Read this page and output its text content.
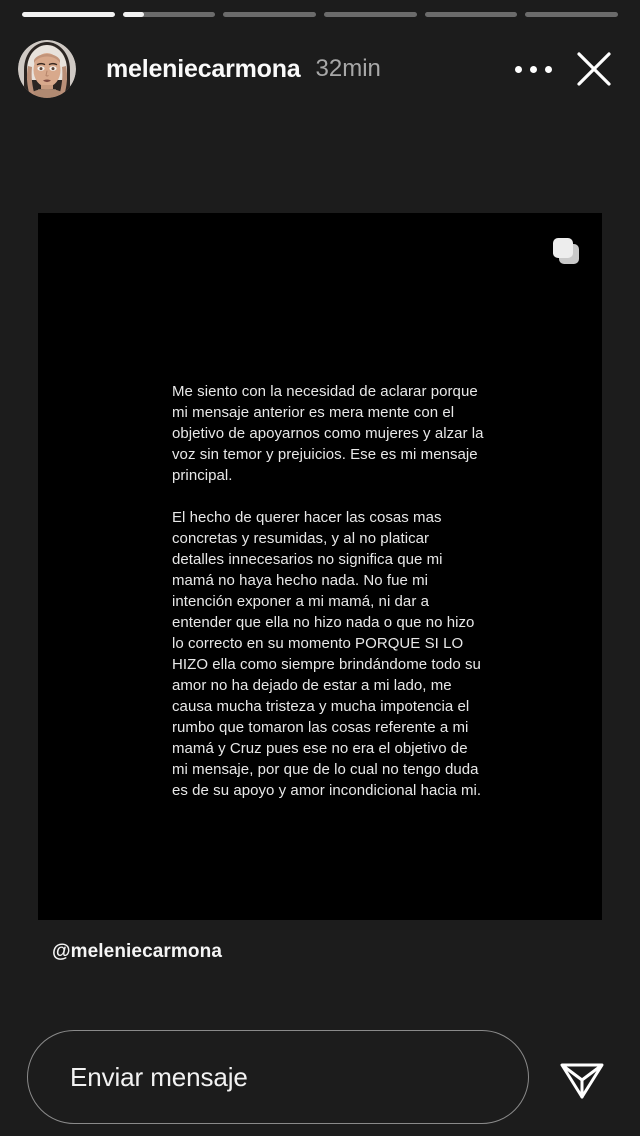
meleniecarmona 32min

Me siento con la necesidad de aclarar porque mi mensaje anterior es mera mente con el objetivo de apoyarnos como mujeres y alzar la voz sin temor y prejuicios. Ese es mi mensaje principal.

El hecho de querer hacer las cosas mas concretas y resumidas, y al no platicar detalles innecesarios no significa que mi mamá no haya hecho nada. No fue mi intención exponer a mi mamá, ni dar a entender que ella no hizo nada o que no hizo lo correcto en su momento PORQUE SI LO HIZO ella como siempre brindándome todo su amor no ha dejado de estar a mi lado, me causa mucha tristeza y mucha impotencia el rumbo que tomaron las cosas referente a mi mamá y Cruz pues ese no era el objetivo de mi mensaje, por que de lo cual no tengo duda es de su apoyo y amor incondicional hacia mi.

@meleniecarmona
Enviar mensaje
